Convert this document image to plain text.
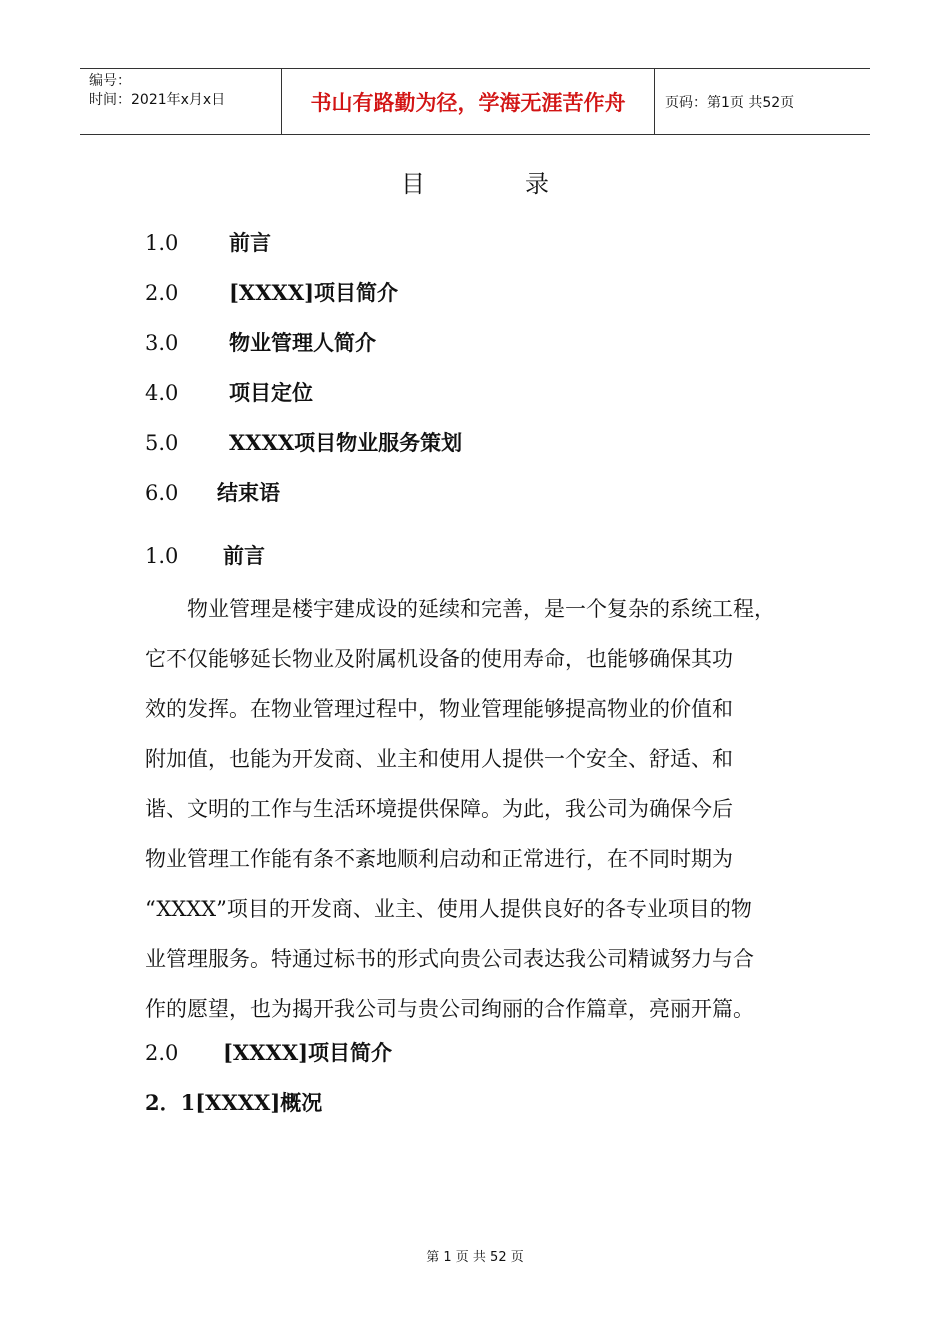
编号：
时间：2021年x月x日	书山有路勤为径，学海无涯苦作舟	页码：第1页 共52页
目	录
1.0 前言
2.0 [XXXX]项目简介
3.0 物业管理人简介
4.0 项目定位
5.0 XXXX项目物业服务策划
6.0 结束语
1.0 前言

　　物业管理是楼宇建成设的延续和完善，是一个复杂的系统工程，

它不仅能够延长物业及附属机设备的使用寿命，也能够确保其功

效的发挥。在物业管理过程中，物业管理能够提高物业的价值和

附加值，也能为开发商、业主和使用人提供一个安全、舒适、和

谐、文明的工作与生活环境提供保障。为此，我公司为确保今后

物业管理工作能有条不紊地顺利启动和正常进行，在不同时期为

“XXXX”项目的开发商、业主、使用人提供良好的各专业项目的物

业管理服务。特通过标书的形式向贵公司表达我公司精诚努力与合

作的愿望，也为揭开我公司与贵公司绚丽的合作篇章，亮丽开篇。

2.0 [XXXX]项目简介
2．1[XXXX]概况
第 1 页 共 52 页
